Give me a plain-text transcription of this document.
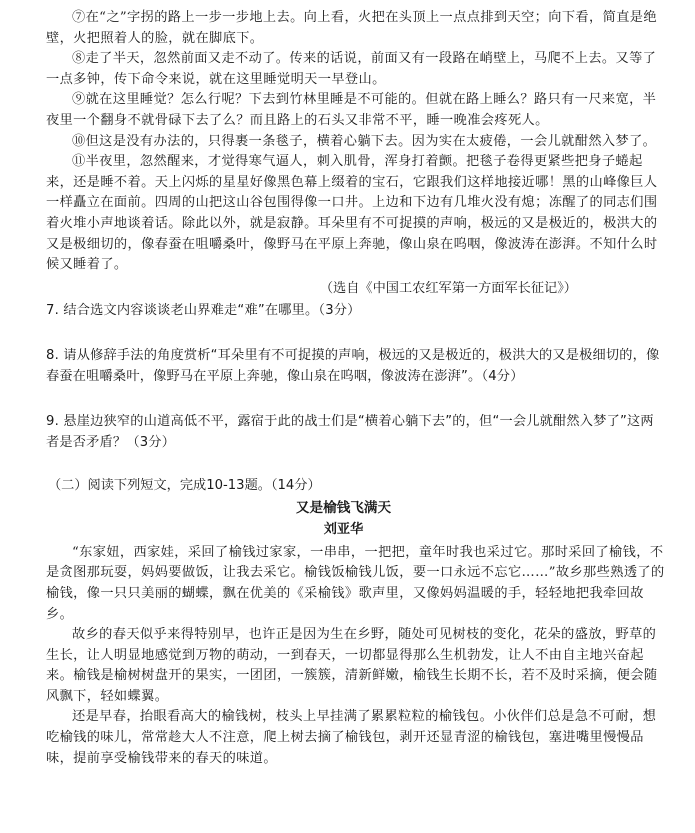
⑦在“之”字拐的路上一步一步地上去。向上看，火把在头顶上一点点排到天空；向下看，简直是绝壁，火把照着人的脸，就在脚底下。

⑧走了半天，忽然前面又走不动了。传来的话说，前面又有一段路在峭壁上，马爬不上去。又等了一点多钟，传下命令来说，就在这里睡觉明天一早登山。

⑨就在这里睡觉？怎么行呢？下去到竹林里睡是不可能的。但就在路上睡么？路只有一尺来宽，半夜里一个翻身不就骨碌下去了么？而且路上的石头又非常不平，睡一晚准会疼死人。

⑩但这是没有办法的，只得裹一条毯子，横着心躺下去。因为实在太疲倦，一会儿就酣然入梦了。

⑪半夜里，忽然醒来，才觉得寒气逼人，刺入肌骨，浑身打着颤。把毯子卷得更紧些把身子蜷起来，还是睡不着。天上闪烁的星星好像黑色幕上缀着的宝石，它跟我们这样地接近哪！黑的山峰像巨人一样矗立在面前。四周的山把这山谷包围得像一口井。上边和下边有几堆火没有熄；冻醒了的同志们围着火堆小声地谈着话。除此以外，就是寂静。耳朵里有不可捉摸的声响，极远的又是极近的，极洪大的又是极细切的，像春蚕在咀嚼桑叶，像野马在平原上奔驰，像山泉在呜咽，像波涛在澎湃。不知什么时候又睡着了。

（选自《中国工农红军第一方面军长征记》）

7. 结合选文内容谈谈老山界难走“难”在哪里。（3分）

8. 请从修辞手法的角度赏析“耳朵里有不可捉摸的声响，极远的又是极近的，极洪大的又是极细切的，像春蚕在咀嚼桑叶，像野马在平原上奔驰，像山泉在呜咽，像波涛在澎湃”。（4分）

9. 悬崖边狭窄的山道高低不平，露宿于此的战士们是“横着心躺下去”的，但“一会儿就酣然入梦了”这两者是否矛盾？（3分）

（二）阅读下列短文，完成10-13题。（14分）

又是榆钱飞满天

刘亚华

“东家妞，西家娃，采回了榆钱过家家，一串串，一把把，童年时我也采过它。那时采回了榆钱，不是贪图那玩耍，妈妈要做饭，让我去采它。榆钱饭榆钱儿饭，要一口永远不忘它……”故乡那些熟透了的榆钱，像一只只美丽的蝴蝶，飘在优美的《采榆钱》歌声里，又像妈妈温暖的手，轻轻地把我牵回故乡。

故乡的春天似乎来得特别早，也许正是因为生在乡野，随处可见树枝的变化，花朵的盛放，野草的生长，让人明显地感觉到万物的萌动，一到春天，一切都显得那么生机勃发，让人不由自主地兴奋起来。榆钱是榆树树盘开的果实，一团团，一簇簇，清新鲜嫩，榆钱生长期不长，若不及时采摘，便会随风飘下，轻如蝶翼。

还是早春，抬眼看高大的榆钱树，枝头上早挂满了累累粒粒的榆钱包。小伙伴们总是急不可耐，想吃榆钱的味儿，常常趁大人不注意，爬上树去摘了榆钱包，剥开还显青涩的榆钱包，塞进嘴里慢慢品味，提前享受榆钱带来的春天的味道。
